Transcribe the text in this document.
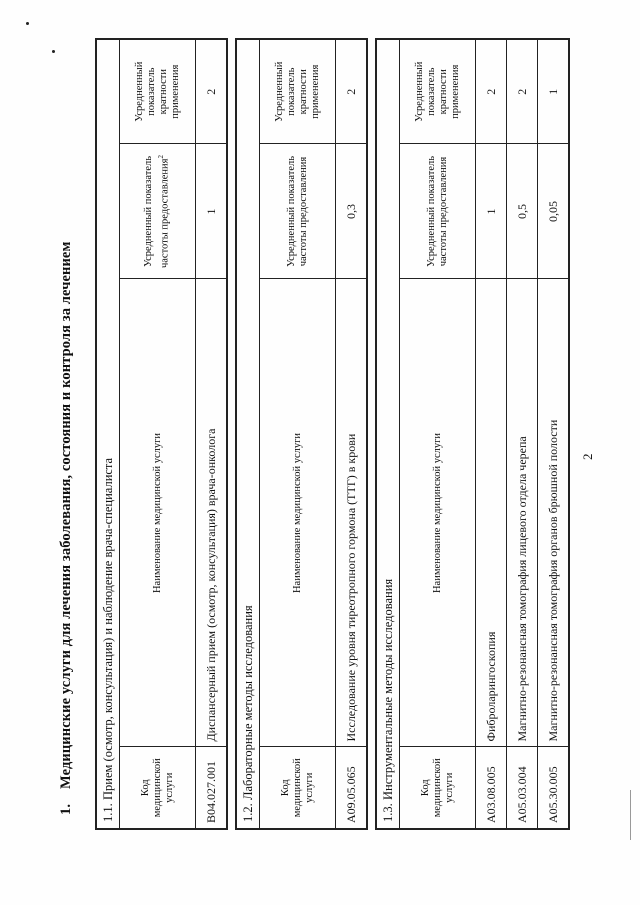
2
1.Медицинские услуги для лечения заболевания, состояния и контроля за лечением
1.1.Прием (осмотр, консультация) и наблюдение врача-специалиста			
Код медицинской услуги	Наименование медицинской услуги	Усредненный показатель частоты предоставления$^2$	Усредненный показатель кратности применения
B04.027.001	Диспансерный прием (осмотр, консультация) врача-онколога	1	2
1.2.Лабораторные методы исследования			
Код медицинской услуги	Наименование медицинской услуги	Усредненный показатель частоты предоставления	Усредненный показатель кратности применения
A09.05.065	Исследование уровня тиреотропного гормона (ТТГ) в крови	0,3	2
1.3.Инструментальные методы исследования			
Код медицинской услуги	Наименование медицинской услуги	Усредненный показатель частоты предоставления	Усредненный показатель кратности применения
A03.08.005	Фиброларингоскопия	1	2
A05.03.004	Магнитно-резонансная томография лицевого отдела черепа	0,5	2
A05.30.005	Магнитно-резонансная томография органов брюшной полости	0,05	1
